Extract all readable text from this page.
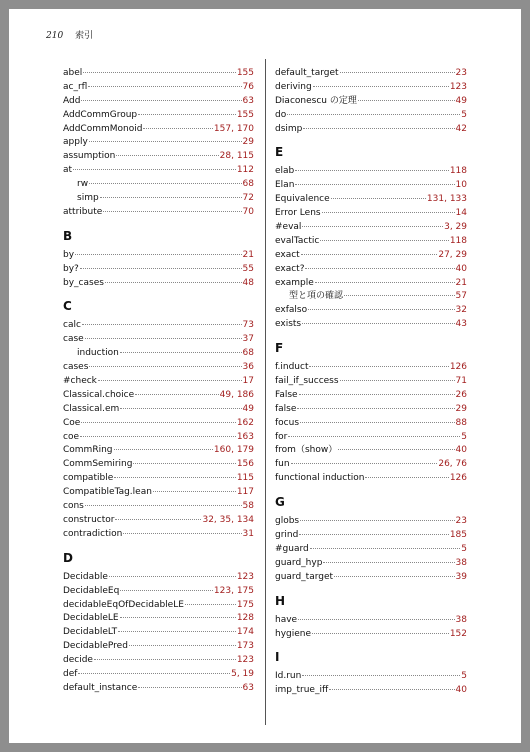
210 索引
abel	155
ac_rfl	76
Add	63
AddCommGroup	155
AddCommMonoid	157, 170
apply	29
assumption	28, 115
at	112
rw	68
simp	72
attribute	70
B
by	21
by?	55
by_cases	48
C
calc	73
case	37
induction	68
cases	36
#check	17
Classical.choice	49, 186
Classical.em	49
Coe	162
coe	163
CommRing	160, 179
CommSemiring	156
compatible	115
CompatibleTag.lean	117
cons	58
constructor	32, 35, 134
contradiction	31
D
Decidable	123
DecidableEq	123, 175
decidableEqOfDecidableLE	175
DecidableLE	128
DecidableLT	174
DecidablePred	173
decide	123
def	5, 19
default_instance	63
default_target	23
deriving	123
Diaconescu の定理	49
do	5
dsimp	42
E
elab	118
Elan	10
Equivalence	131, 133
Error Lens	14
#eval	3, 29
evalTactic	118
exact	27, 29
exact?	40
example	21
型と項の確認	57
exfalso	32
exists	43
F
f.induct	126
fail_if_success	71
False	26
false	29
focus	88
for	5
from（show）	40
fun	26, 76
functional induction	126
G
globs	23
grind	185
#guard	5
guard_hyp	38
guard_target	39
H
have	38
hygiene	152
I
Id.run	5
imp_true_iff	40
